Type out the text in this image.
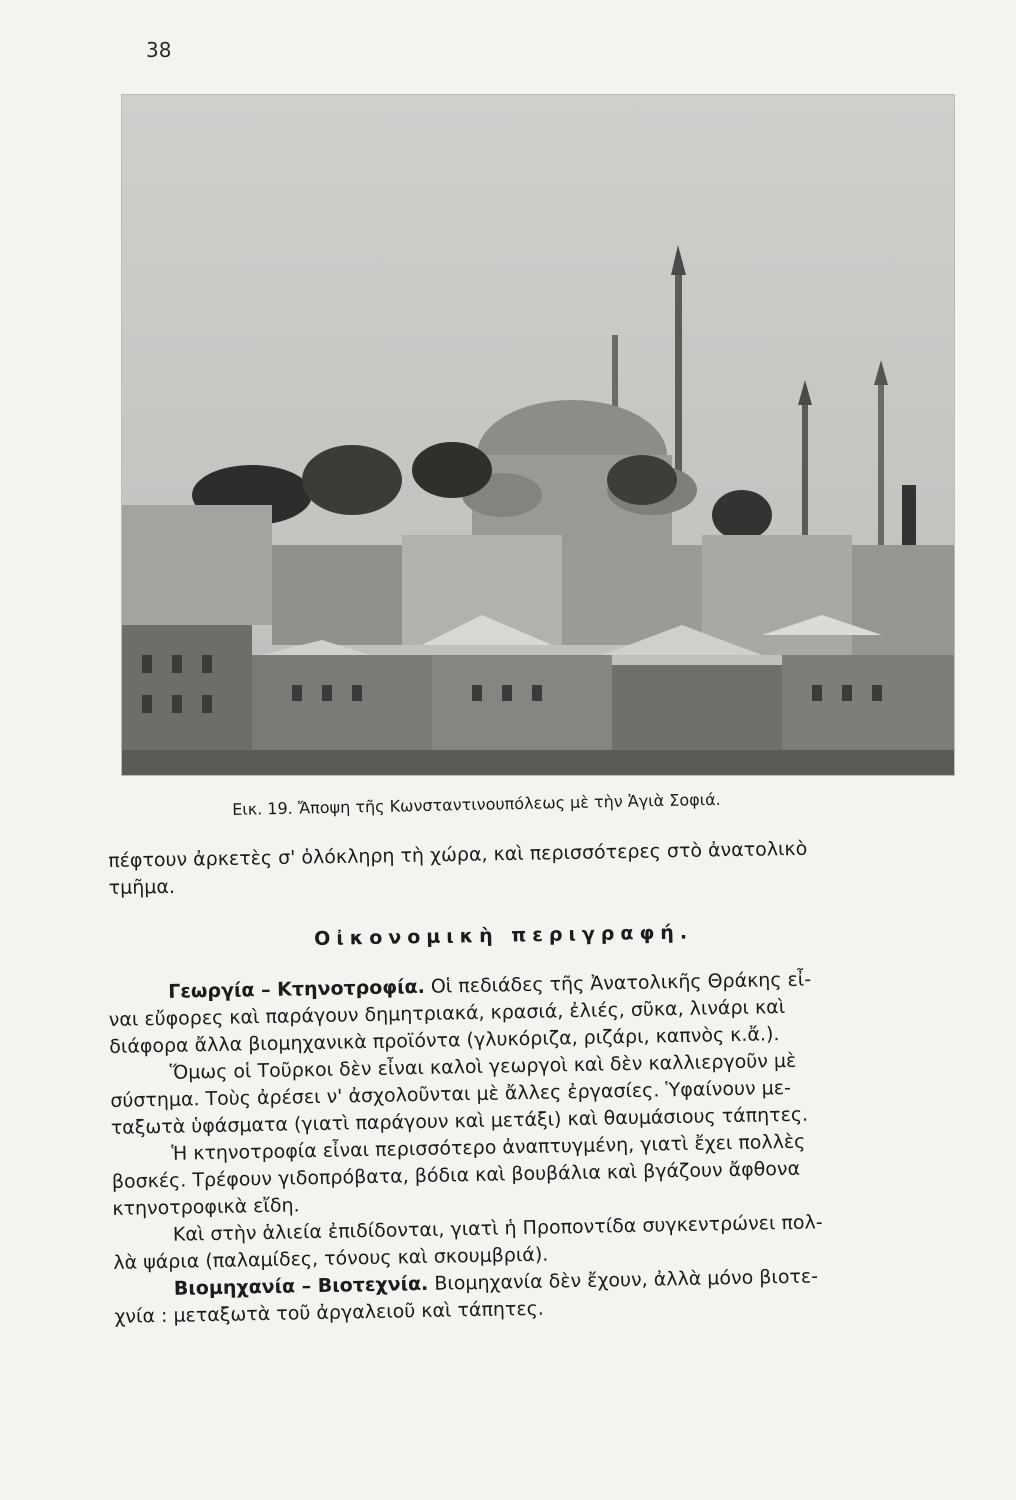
38
Εικ. 19. Ἄποψη τῆς Κωνσταντινουπόλεως μὲ τὴν Ἁγιὰ Σοφιά.
πέφτουν ἀρκετὲς σ' ὁλόκληρη τὴ χώρα, καὶ περισσότερες στὸ ἀνατολικὸ
τμῆμα.
Οἰκονομικὴ περιγραφή.
Γεωργία – Κτηνοτροφία. Οἱ πεδιάδες τῆς Ἀνατολικῆς Θράκης εἶ-
ναι εὔφορες καὶ παράγουν δημητριακά, κρασιά, ἐλιές, σῦκα, λινάρι καὶ
διάφορα ἄλλα βιομηχανικὰ προϊόντα (γλυκόριζα, ριζάρι, καπνὸς κ.ἄ.).
Ὅμως οἱ Τοῦρκοι δὲν εἶναι καλοὶ γεωργοὶ καὶ δὲν καλλιεργοῦν μὲ
σύστημα. Τοὺς ἀρέσει ν' ἀσχολοῦνται μὲ ἄλλες ἐργασίες. Ὑφαίνουν με-
ταξωτὰ ὑφάσματα (γιατὶ παράγουν καὶ μετάξι) καὶ θαυμάσιους τάπητες.
Ἡ κτηνοτροφία εἶναι περισσότερο ἀναπτυγμένη, γιατὶ ἔχει πολλὲς
βοσκές. Τρέφουν γιδοπρόβατα, βόδια καὶ βουβάλια καὶ βγάζουν ἄφθονα
κτηνοτροφικὰ εἴδη.
Καὶ στὴν ἁλιεία ἐπιδίδονται, γιατὶ ἡ Προποντίδα συγκεντρώνει πολ-
λὰ ψάρια (παλαμίδες, τόνους καὶ σκουμβριά).
Βιομηχανία – Βιοτεχνία. Βιομηχανία δὲν ἔχουν, ἀλλὰ μόνο βιοτε-
χνία : μεταξωτὰ τοῦ ἀργαλειοῦ καὶ τάπητες.
